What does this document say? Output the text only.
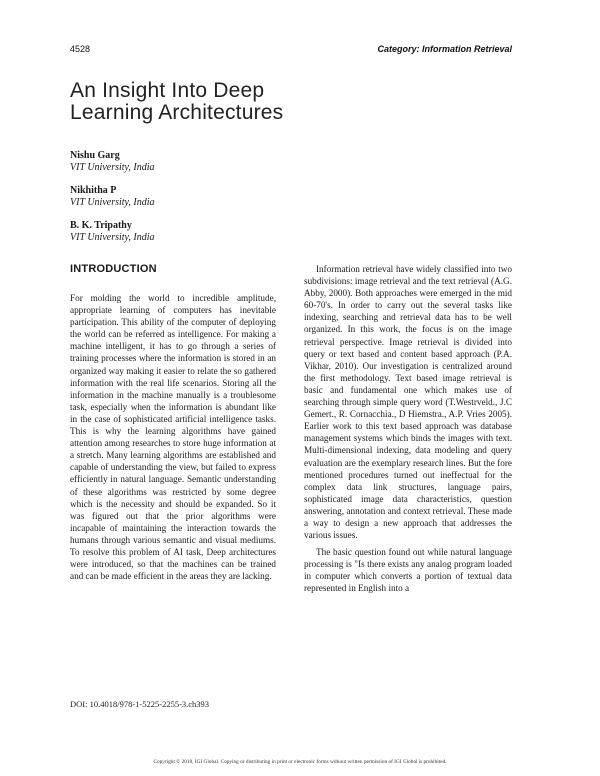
4528	Category: Information Retrieval
An Insight Into Deep
Learning Architectures
Nishu Garg
VIT University, India
Nikhitha P
VIT University, India
B. K. Tripathy
VIT University, India
INTRODUCTION

For molding the world to incredible amplitude, appropriate learning of computers has inevitable participation. This ability of the computer of deploying the world can be referred as intelligence. For making a machine intelligent, it has to go through a series of training processes where the information is stored in an organized way making it easier to relate the so gathered information with the real life scenarios. Storing all the information in the machine manually is a troublesome task, especially when the information is abundant like in the case of sophisticated artificial intelligence tasks. This is why the learning algorithms have gained attention among researches to store huge information at a stretch. Many learning algorithms are established and capable of understanding the view, but failed to express efficiently in natural language. Semantic understanding of these algorithms was restricted by some degree which is the necessity and should be expanded. So it was figured out that the prior algorithms were incapable of maintaining the interaction towards the humans through various semantic and visual mediums. To resolve this problem of AI task, Deep architectures were introduced, so that the machines can be trained and can be made efficient in the areas they are lacking.

Information retrieval have widely classified into two subdivisions: image retrieval and the text retrieval (A.G. Abby, 2000). Both approaches were emerged in the mid 60-70's. In order to carry out the several tasks like indexing, searching and retrieval data has to be well organized. In this work, the focus is on the image retrieval perspective. Image retrieval is divided into query or text based and content based approach (P.A. Vikhar, 2010). Our investigation is centralized around the first methodology. Text based image retrieval is basic and fundamental one which makes use of searching through simple query word (T.Westrveld., J.C Gemert., R. Cornacchia., D Hiemstra., A.P. Vries 2005). Earlier work to this text based approach was database management systems which binds the images with text. Multi-dimensional indexing, data modeling and query evaluation are the exemplary research lines. But the fore mentioned procedures turned out ineffectual for the complex data link structures, language pairs, sophisticated image data characteristics, question answering, annotation and context retrieval. These made a way to design a new approach that addresses the various issues.

The basic question found out while natural language processing is "Is there exists any analog program loaded in computer which converts a portion of textual data represented in English into a

DOI: 10.4018/978-1-5225-2255-3.ch393
Copyright © 2018, IGI Global. Copying or distributing in print or electronic forms without written permission of IGI Global is prohibited.
